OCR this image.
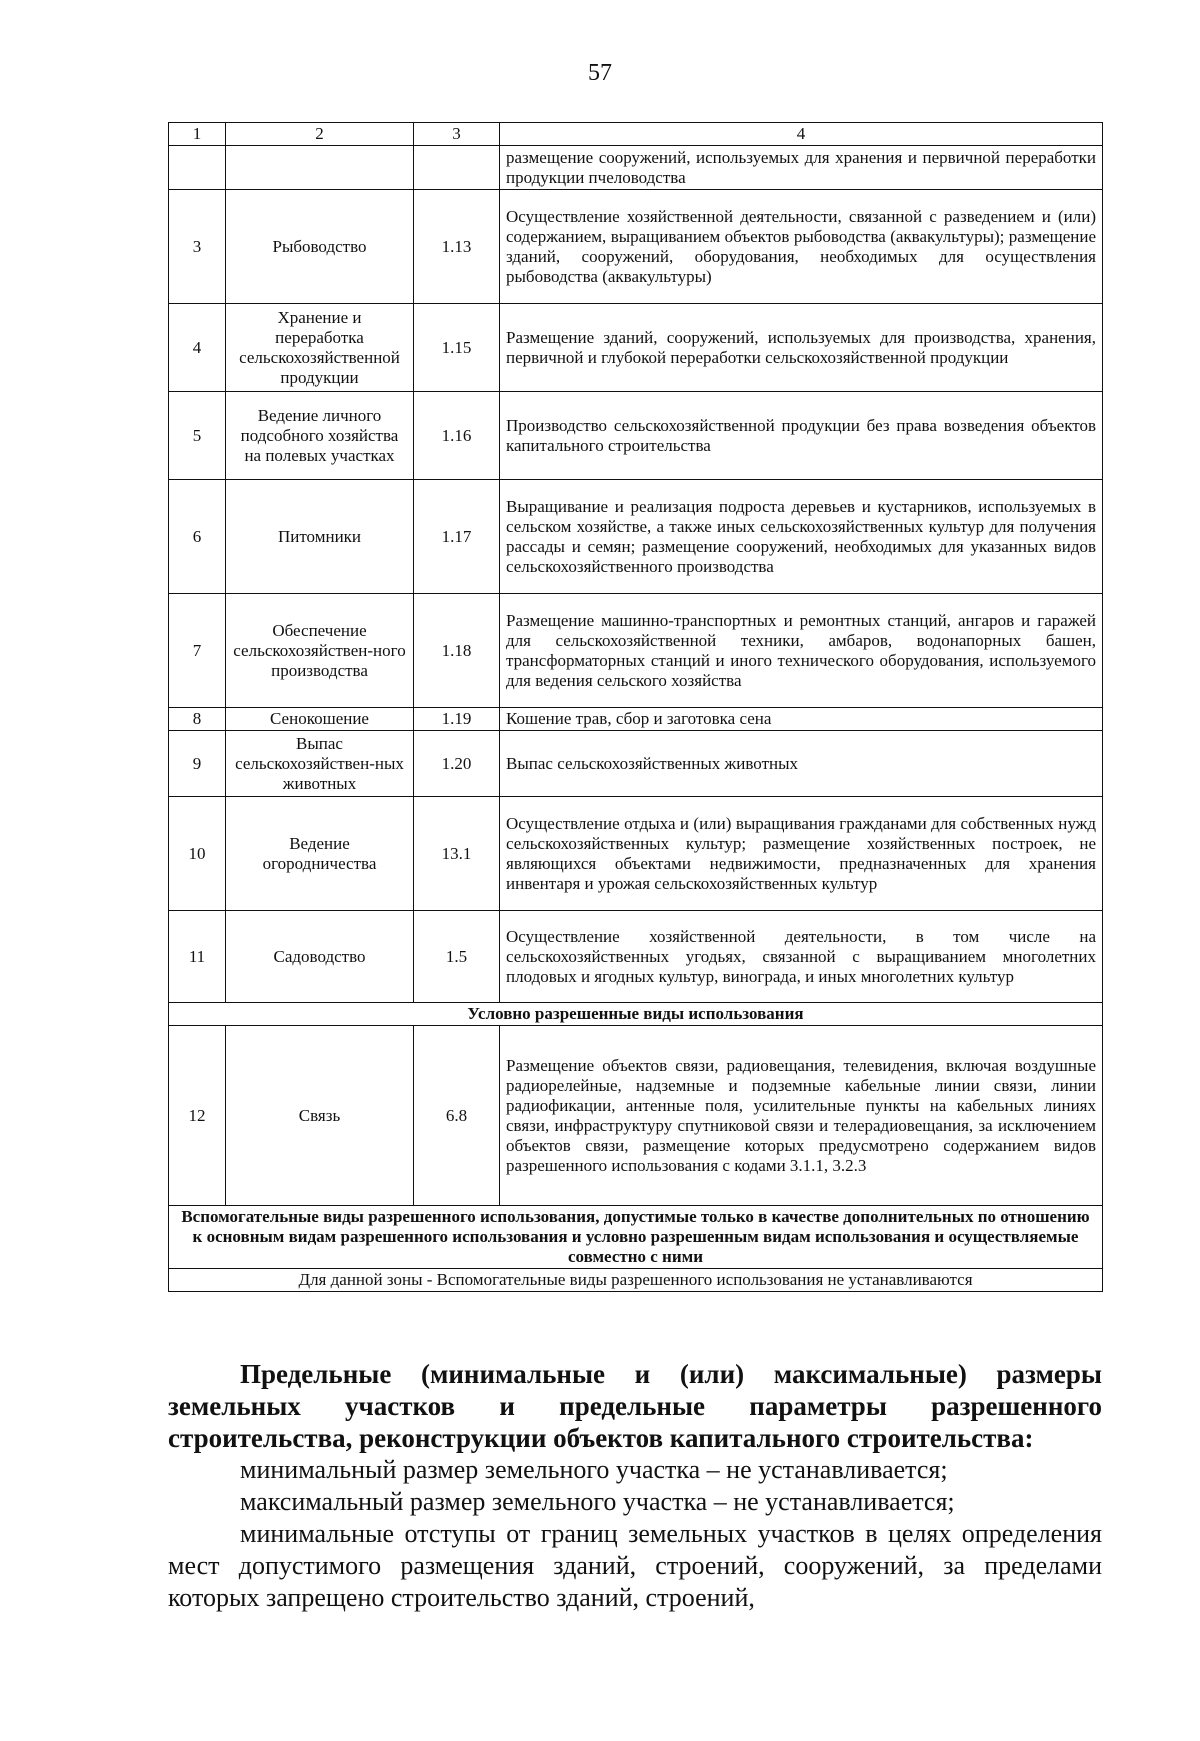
57
1	2	3	4
			размещение сооружений, используемых для хранения и первичной переработки продукции пчеловодства
3	Рыбоводство	1.13	Осуществление хозяйственной деятельности, связанной с разведением и (или) содержанием, выращиванием объектов рыбоводства (аквакультуры); размещение зданий, сооружений, оборудования, необходимых для осуществления рыбоводства (аквакультуры)
4	Хранение и переработка сельскохозяйственной продукции	1.15	Размещение зданий, сооружений, используемых для производства, хранения, первичной и глубокой переработки сельскохозяйственной продукции
5	Ведение личного подсобного хозяйства на полевых участках	1.16	Производство сельскохозяйственной продукции без права возведения объектов капитального строительства
6	Питомники	1.17	Выращивание и реализация подроста деревьев и кустарников, используемых в сельском хозяйстве, а также иных сельскохозяйственных культур для получения рассады и семян; размещение сооружений, необходимых для указанных видов сельскохозяйственного производства
7	Обеспечение сельскохозяйствен-ного производства	1.18	Размещение машинно-транспортных и ремонтных станций, ангаров и гаражей для сельскохозяйственной техники, амбаров, водонапорных башен, трансформаторных станций и иного технического оборудования, используемого для ведения сельского хозяйства
8	Сенокошение	1.19	Кошение трав, сбор и заготовка сена
9	Выпас сельскохозяйствен-ных животных	1.20	Выпас сельскохозяйственных животных
10	Ведение огородничества	13.1	Осуществление отдыха и (или) выращивания гражданами для собственных нужд сельскохозяйственных культур; размещение хозяйственных построек, не являющихся объектами недвижимости, предназначенных для хранения инвентаря и урожая сельскохозяйственных культур
11	Садоводство	1.5	Осуществление хозяйственной деятельности, в том числе на сельскохозяйственных угодьях, связанной с выращиванием многолетних плодовых и ягодных культур, винограда, и иных многолетних культур
Условно разрешенные виды использования			
12	Связь	6.8	Размещение объектов связи, радиовещания, телевидения, включая воздушные радиорелейные, надземные и подземные кабельные линии связи, линии радиофикации, антенные поля, усилительные пункты на кабельных линиях связи, инфраструктуру спутниковой связи и телерадиовещания, за исключением объектов связи, размещение которых предусмотрено содержанием видов разрешенного использования с кодами 3.1.1, 3.2.3
Вспомогательные виды разрешенного использования, допустимые только в качестве дополнительных по отношению к основным видам разрешенного использования и условно разрешенным видам использования и осуществляемые совместно с ними			
Для данной зоны - Вспомогательные виды разрешенного использования не устанавливаются			

Предельные (минимальные и (или) максимальные) размеры земельных участков и предельные параметры разрешенного строительства, реконструкции объектов капитального строительства:

минимальный размер земельного участка – не устанавливается;

максимальный размер земельного участка – не устанавливается;

минимальные отступы от границ земельных участков в целях определения мест допустимого размещения зданий, строений, сооружений, за пределами которых запрещено строительство зданий, строений,
